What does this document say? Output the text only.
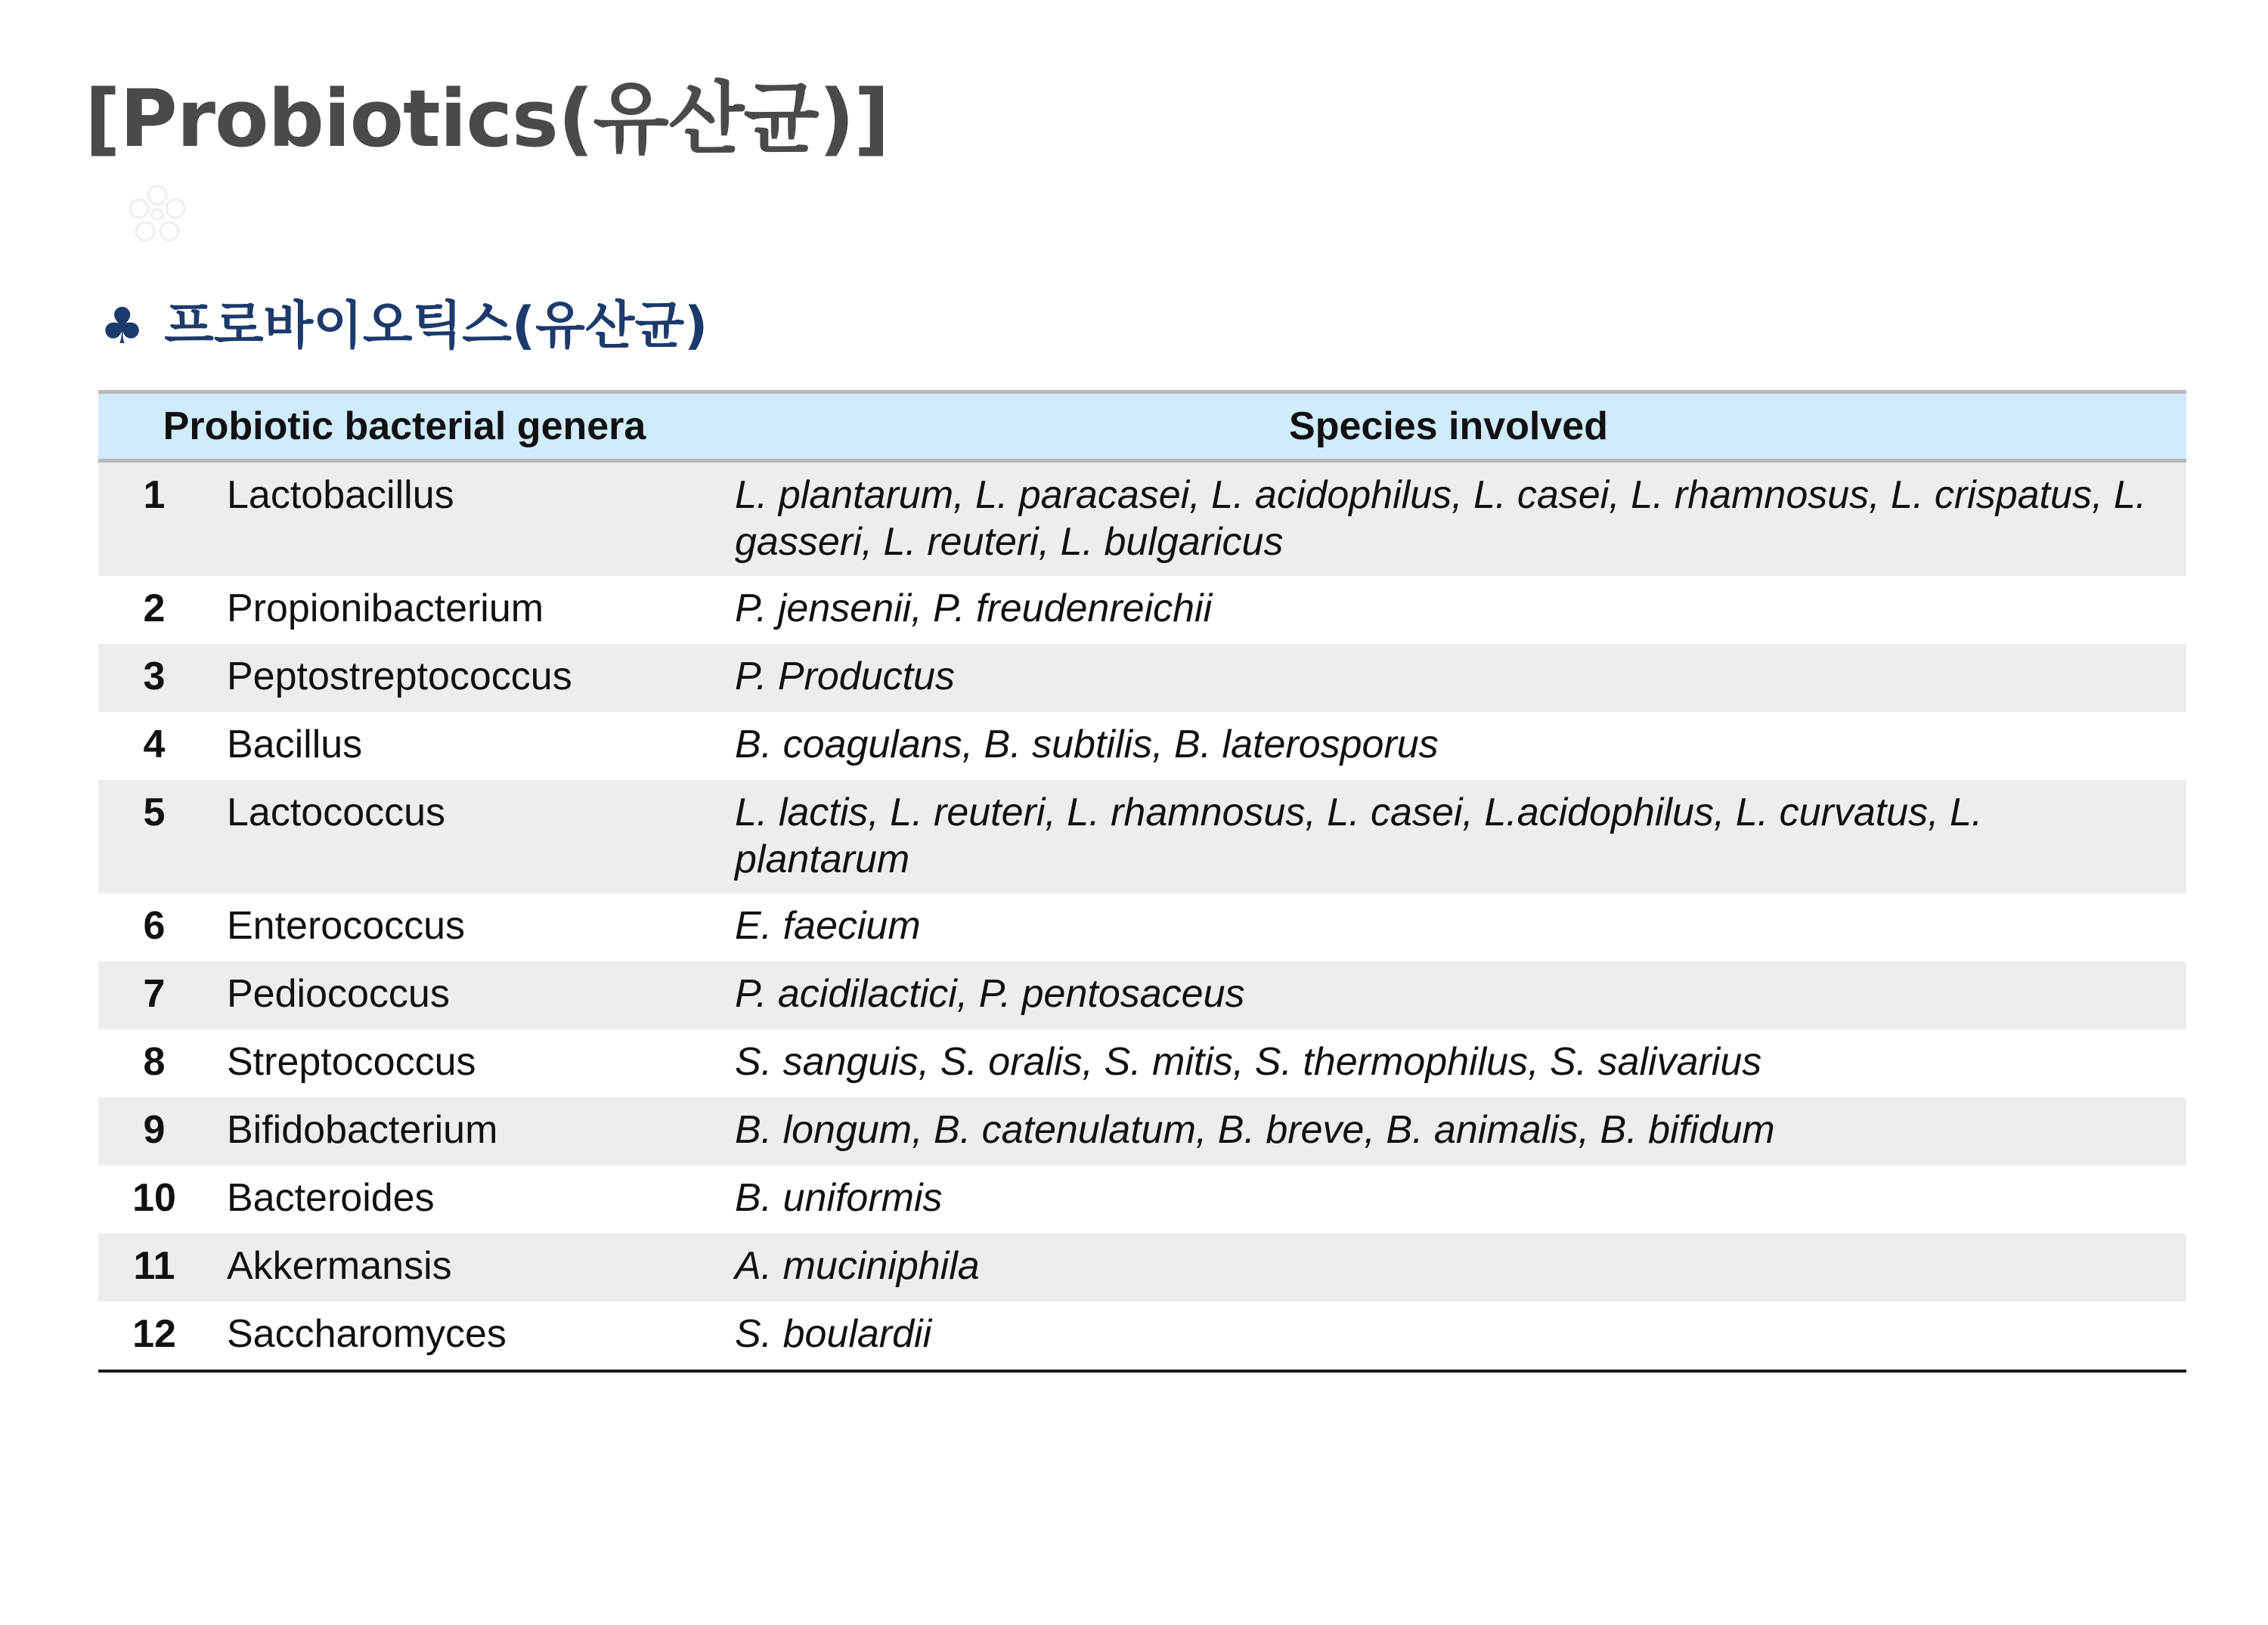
[Probiotics(유산균)]
♣ 프로바이오틱스(유산균)
Probiotic bacterial genera	Species involved
1	Lactobacillus	L. plantarum, L. paracasei, L. acidophilus, L. casei, L. rhamnosus, L. crispatus, L. gasseri, L. reuteri, L. bulgaricus
2	Propionibacterium	P. jensenii, P. freudenreichii
3	Peptostreptococcus	P. Productus
4	Bacillus	B. coagulans, B. subtilis, B. laterosporus
5	Lactococcus	L. lactis, L. reuteri, L. rhamnosus, L. casei, L.acidophilus, L. curvatus, L. plantarum
6	Enterococcus	E. faecium
7	Pediococcus	P. acidilactici, P. pentosaceus
8	Streptococcus	S. sanguis, S. oralis, S. mitis, S. thermophilus, S. salivarius
9	Bifidobacterium	B. longum, B. catenulatum, B. breve, B. animalis, B. bifidum
10	Bacteroides	B. uniformis
11	Akkermansis	A. muciniphila
12	Saccharomyces	S. boulardii
